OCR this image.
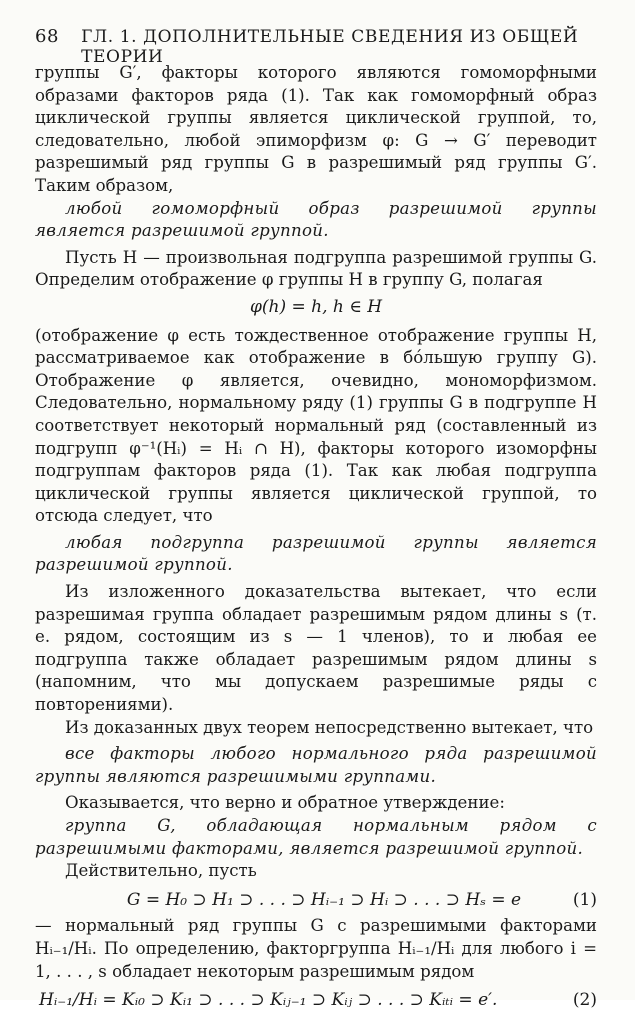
68 ГЛ. 1. ДОПОЛНИТЕЛЬНЫЕ СВЕДЕНИЯ ИЗ ОБЩЕЙ ТЕОРИИ

группы G′, факторы которого являются гомоморфными образами факторов ряда (1). Так как гомоморфный образ циклической группы является циклической группой, то, следовательно, любой эпиморфизм φ: G → G′ переводит разрешимый ряд группы G в разрешимый ряд группы G′. Таким образом,

любой гомоморфный образ разрешимой группы является разрешимой группой.

Пусть H — произвольная подгруппа разрешимой группы G. Определим отображение φ группы H в группу G, полагая

φ(h) = h, h ∈ H

(отображение φ есть тождественное отображение группы H, рассматриваемое как отображение в бóльшую группу G). Отображение φ является, очевидно, мономорфизмом. Следовательно, нормальному ряду (1) группы G в подгруппе H соответствует некоторый нормальный ряд (составленный из подгрупп φ⁻¹(Hᵢ) = Hᵢ ∩ H), факторы которого изоморфны подгруппам факторов ряда (1). Так как любая подгруппа циклической группы является циклической группой, то отсюда следует, что

любая подгруппа разрешимой группы является разрешимой группой.

Из изложенного доказательства вытекает, что если разрешимая группа обладает разрешимым рядом длины s (т. е. рядом, состоящим из s — 1 членов), то и любая ее подгруппа также обладает разрешимым рядом длины s (напомним, что мы допускаем разрешимые ряды с повторениями).

Из доказанных двух теорем непосредственно вытекает, что

все факторы любого нормального ряда разрешимой группы являются разрешимыми группами.

Оказывается, что верно и обратное утверждение:

группа G, обладающая нормальным рядом с разрешимыми факторами, является разрешимой группой.

Действительно, пусть

G = H₀ ⊃ H₁ ⊃ . . . ⊃ Hᵢ₋₁ ⊃ Hᵢ ⊃ . . . ⊃ Hₛ = e	(1)

— нормальный ряд группы G с разрешимыми факторами Hᵢ₋₁/Hᵢ. По определению, факторгруппа Hᵢ₋₁/Hᵢ для любого i = 1, . . . , s обладает некоторым разрешимым рядом

Hᵢ₋₁/Hᵢ = Kᵢ₀ ⊃ Kᵢ₁ ⊃ . . . ⊃ Kᵢⱼ₋₁ ⊃ Kᵢⱼ ⊃ . . . ⊃ Kᵢₜᵢ = e′.	(2)
